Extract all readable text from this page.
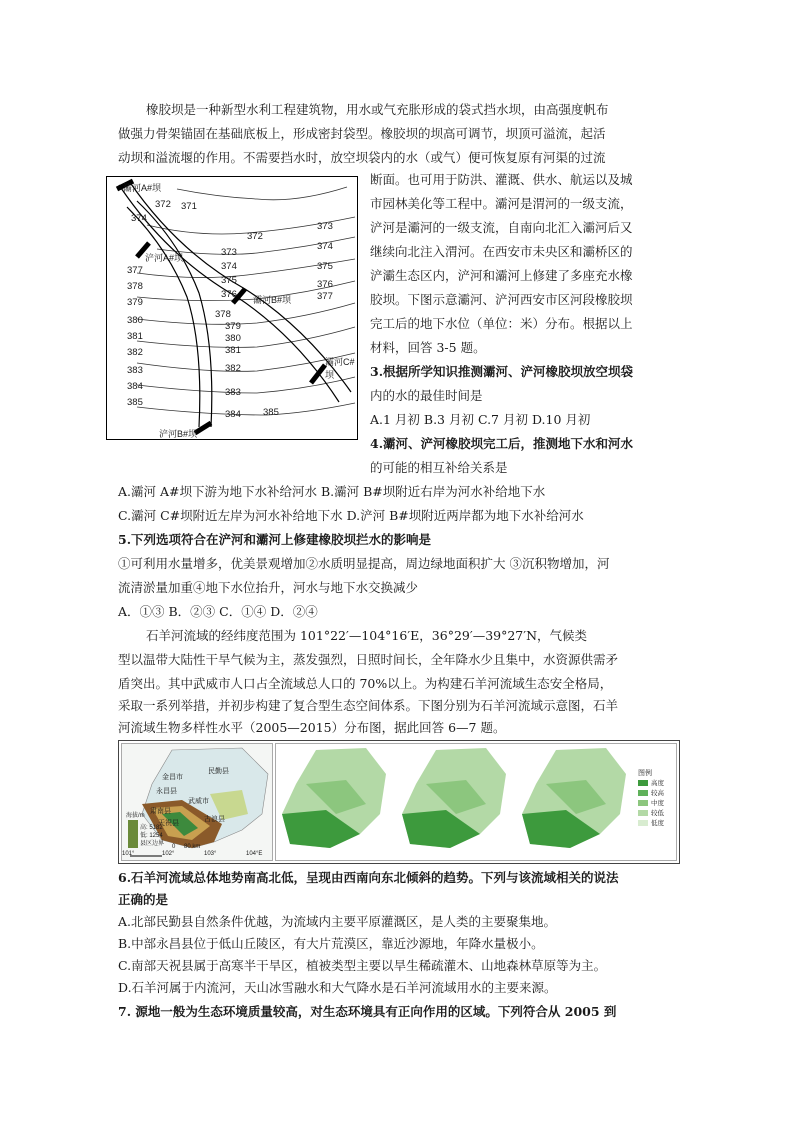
橡胶坝是一种新型水利工程建筑物，用水或气充胀形成的袋式挡水坝，由高强度帆布
做强力骨架锚固在基础底板上，形成密封袋型。橡胶坝的坝高可调节，坝顶可溢流，起活
动坝和溢流堰的作用。不需要挡水时，放空坝袋内的水（或气）便可恢复原有河渠的过流
断面。也可用于防洪、灌溉、供水、航运以及城
市园林美化等工程中。灞河是渭河的一级支流，
浐河是灞河的一级支流，自南向北汇入灞河后又
继续向北注入渭河。在西安市未央区和灞桥区的
浐灞生态区内，浐河和灞河上修建了多座充水橡
胶坝。下图示意灞河、浐河西安市区河段橡胶坝
完工后的地下水位（单位：米）分布。根据以上
材料，回答 3-5 题。
灞河A#坝
浐河A#坝
灞河B#坝
灞河C#坝
浐河B#坝
372 371
374
377
378
379
380
381
382
383
384
385
372
373
374
375
376
378
379
380
381
382
383
384 385
373
374
375
376
377
3.根据所学知识推测灞河、浐河橡胶坝放空坝袋
内的水的最佳时间是
A.1 月初 B.3 月初 C.7 月初 D.10 月初
4.灞河、浐河橡胶坝完工后，推测地下水和河水
的可能的相互补给关系是
A.灞河 A#坝下游为地下水补给河水 B.灞河 B#坝附近右岸为河水补给地下水
C.灞河 C#坝附近左岸为河水补给地下水 D.浐河 B#坝附近两岸都为地下水补给河水
5.下列选项符合在浐河和灞河上修建橡胶坝拦水的影响是
①可利用水量增多，优美景观增加②水质明显提高，周边绿地面积扩大 ③沉积物增加，河
流清淤量加重④地下水位抬升，河水与地下水交换减少
A．①③ B．②③ C．①④ D．②④
石羊河流域的经纬度范围为 101°22′—104°16′E，36°29′—39°27′N，气候类
型以温带大陆性干旱气候为主，蒸发强烈，日照时间长，全年降水少且集中，水资源供需矛
盾突出。其中武威市人口占全流域总人口的 70%以上。为构建石羊河流域生态安全格局，
采取一系列举措，并初步构建了复合型生态空间体系。下图分别为石羊河流域示意图，石羊
河流域生物多样性水平（2005—2015）分布图，据此回答 6—7 题。
民勤县
金昌市
永昌县
武威市
肃南县
天祝县
古浪县
海拔/m
高: 5182
低: 1254
县区边界 0 80 km
101°	102°	103°	104°E
图例
高度
较高
中度
较低
低度
6.石羊河流域总体地势南高北低，呈现由西南向东北倾斜的趋势。下列与该流域相关的说法
正确的是
A.北部民勤县自然条件优越，为流域内主要平原灌溉区，是人类的主要聚集地。
B.中部永昌县位于低山丘陵区，有大片荒漠区，靠近沙源地，年降水量极小。
C.南部天祝县属于高寒半干旱区，植被类型主要以旱生稀疏灌木、山地森林草原等为主。
D.石羊河属于内流河，天山冰雪融水和大气降水是石羊河流域用水的主要来源。
7. 源地一般为生态环境质量较高，对生态环境具有正向作用的区域。下列符合从 2005 到
